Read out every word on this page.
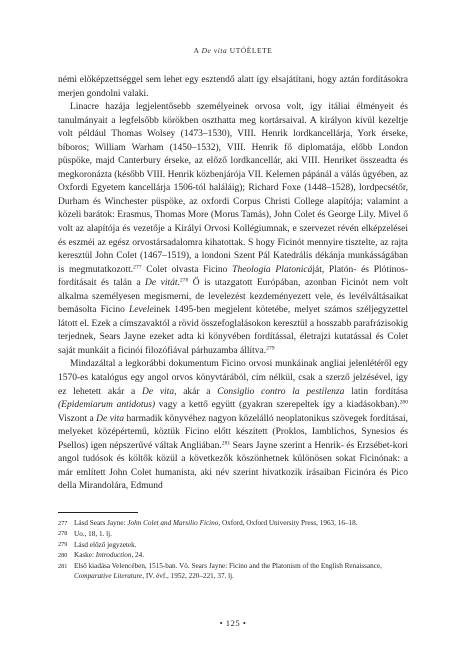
A De vita UTÓÉLETE

némi előképzettséggel sem lehet egy esztendő alatt így elsajátítani, hogy aztán fordításokra merjen gondolni valaki.

Linacre hazája legjelentősebb személyeinek orvosa volt, így itáliai élményeit és tanulmányait a legfelsőbb körökben oszthatta meg kortársaival. A királyon kívül kezeltje volt például Thomas Wolsey (1473–1530), VIII. Henrik lordkancellárja, York érseke, bíboros; William Warham (1450–1532), VIII. Henrik fő diplomatája, előbb London püspöke, majd Canterbury érseke, az előző lordkancellár, aki VIII. Henriket összeadta és megkoronázta (később VIII. Henrik közbenjárója VII. Kelemen pápánál a válás ügyében, az Oxfordi Egyetem kancellárja 1506-tól haláláig); Richard Foxe (1448–1528), lordpecsétőr, Durham és Winchester püspöke, az oxfordi Corpus Christi College alapítója; valamint a közeli barátok: Erasmus, Thomas More (Morus Tamás), John Colet és George Lily. Mivel ő volt az alapítója és vezetője a Királyi Orvosi Kollégiumnak, e szervezet révén elképzelései és eszméi az egész orvostársadalomra kihatottak. S hogy Ficinót mennyire tisztelte, az rajta keresztül John Colet (1467–1519), a londoni Szent Pál Katedrális dékánja munkásságában is megmutatkozott.$^{277}$ Colet olvasta Ficino Theologia Platonicáját, Platón- és Plótinos-fordításait és talán a De vitát.$^{278}$ Ő is utazgatott Európában, azonban Ficinót nem volt alkalma személyesen megismerni, de levelezést kezdeményezett vele, és levélváltásaikat bemásolta Ficino Leveleinek 1495-ben megjelent kötetébe, melyet számos széljegyzettel látott el. Ezek a címszavaktól a rövid összefoglalásokon keresztül a hosszabb parafrázisokig terjednek, Sears Jayne ezeket adta ki könyvében fordítással, életrajzi kutatással és Colet saját munkáit a ficinói filozófiával párhuzamba állítva.$^{279}$

Mindazáltal a legkorábbi dokumentum Ficino orvosi munkáinak angliai jelenlétéről egy 1570-es katalógus egy angol orvos könyvtárából, cím nélkül, csak a szerző jelzésével, így ez lehetett akár a De vita, akár a Consiglio contro la pestilenza latin fordítása (Epidemiarum antidotus) vagy a kettő együtt (gyakran szerepeltek így a kiadásokban).$^{280}$ Viszont a De vita harmadik könyvéhez nagyon közelálló neoplatonikus szövegek fordításai, melyeket középértemű, köztük Ficino előtt készített (Proklos, Iamblichos, Synesios és Psellos) igen népszerűvé váltak Angliában.$^{281}$ Sears Jayne szerint a Henrik- és Erzsébet-kori angol tudósok és költők közül a következők köszönhetnek különösen sokat Ficinónak: a már említett John Colet humanista, aki név szerint hivatkozik írásaiban Ficinóra és Pico della Mirandolára, Edmund

277 Lásd Sears Jayne: John Colet and Marsilio Ficino, Oxford, Oxford University Press, 1963, 16–18.
278 Uo., 18, 1. lj.
279 Lásd előző jegyzetek.
280 Kaske: Introduction, 24.
281 Első kiadása Velencében, 1515-ban. Vö. Sears Jayne: Ficino and the Platonism of the English Renaissance, Comparative Literature, IV. évf., 1952, 220–221, 37. lj.
• 125 •
